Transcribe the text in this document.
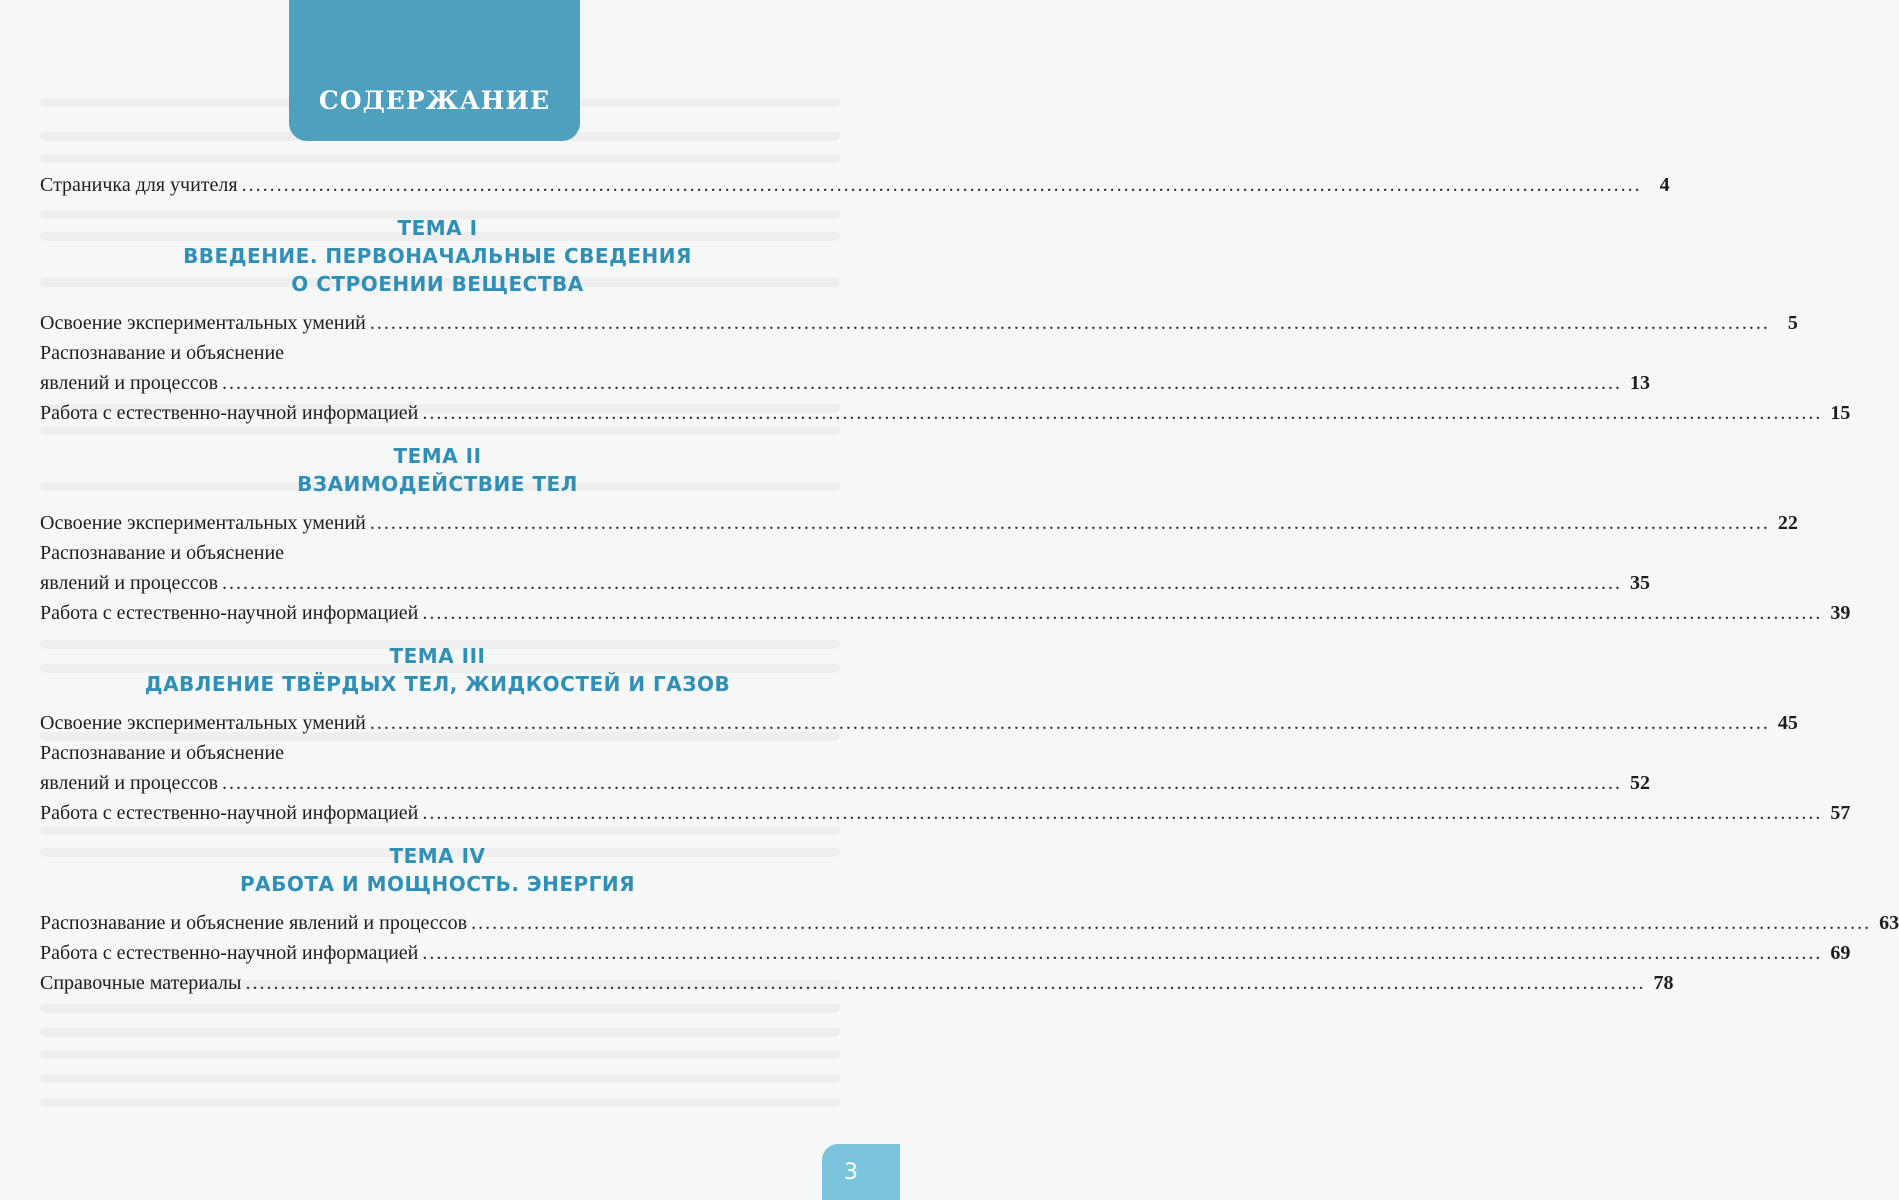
СОДЕРЖАНИЕ
Страничка для учителя ........................................................................................................................................................................................................ 4
ТЕМА I
ВВЕДЕНИЕ. ПЕРВОНАЧАЛЬНЫЕ СВЕДЕНИЯ
О СТРОЕНИИ ВЕЩЕСТВА
Освоение экспериментальных умений ........................................................................................................................................................................................................ 5
Распознавание и объяснение
явлений и процессов ........................................................................................................................................................................................................ 13
Работа с естественно-научной информацией ........................................................................................................................................................................................................ 15
ТЕМА II
ВЗАИМОДЕЙСТВИЕ ТЕЛ
Освоение экспериментальных умений ........................................................................................................................................................................................................ 22
Распознавание и объяснение
явлений и процессов ........................................................................................................................................................................................................ 35
Работа с естественно-научной информацией ........................................................................................................................................................................................................ 39
ТЕМА III
ДАВЛЕНИЕ ТВЁРДЫХ ТЕЛ, ЖИДКОСТЕЙ И ГАЗОВ
Освоение экспериментальных умений ........................................................................................................................................................................................................ 45
Распознавание и объяснение
явлений и процессов ........................................................................................................................................................................................................ 52
Работа с естественно-научной информацией ........................................................................................................................................................................................................ 57
ТЕМА IV
РАБОТА И МОЩНОСТЬ. ЭНЕРГИЯ
Распознавание и объяснение явлений и процессов ........................................................................................................................................................................................................ 63
Работа с естественно-научной информацией ........................................................................................................................................................................................................ 69
Справочные материалы ........................................................................................................................................................................................................ 78
3
